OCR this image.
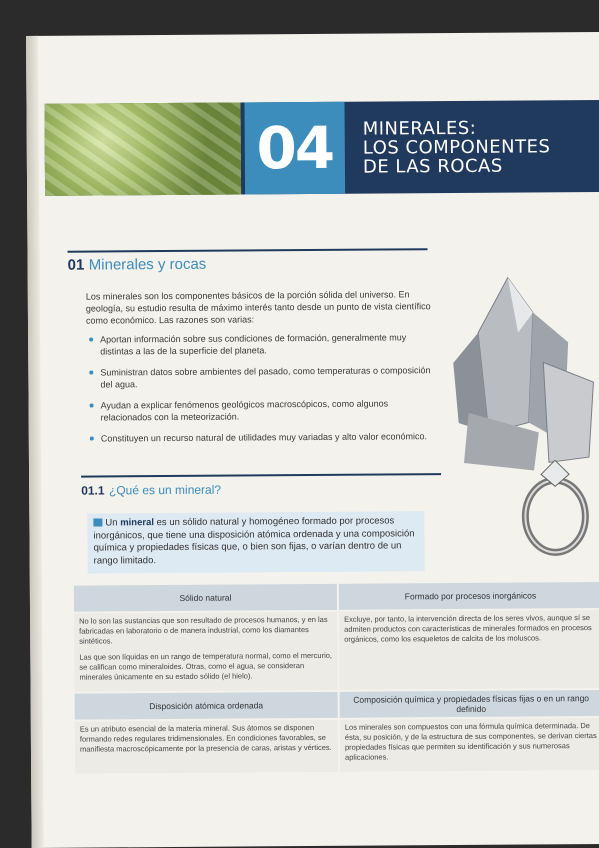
04	MINERALES:
LOS COMPONENTES
DE LAS ROCAS
01 Minerales y rocas
Los minerales son los componentes básicos de la porción sólida del universo. En geología, su estudio resulta de máximo interés tanto desde un punto de vista científico como económico. Las razones son varias:
Aportan información sobre sus condiciones de formación, generalmente muy distintas a las de la superficie del planeta.
Suministran datos sobre ambientes del pasado, como temperaturas o composición del agua.
Ayudan a explicar fenómenos geológicos macroscópicos, como algunos relacionados con la meteorización.
Constituyen un recurso natural de utilidades muy variadas y alto valor económico.
01.1 ¿Qué es un mineral?
Un mineral es un sólido natural y homogéneo formado por procesos inorgánicos, que tiene una disposición atómica ordenada y una composición química y propiedades físicas que, o bien son fijas, o varían dentro de un rango limitado.
Sólido natural	Formado por procesos inorgánicos

No lo son las sustancias que son resultado de procesos humanos, y en las fabricadas en laboratorio o de manera industrial, como los diamantes sintéticos.

Las que son líquidas en un rango de temperatura normal, como el mercurio, se califican como mineraloides. Otras, como el agua, se consideran minerales únicamente en su estado sólido (el hielo).

Excluye, por tanto, la intervención directa de los seres vivos, aunque sí se admiten productos con características de minerales formados en procesos orgánicos, como los esqueletos de calcita de los moluscos.

Disposición atómica ordenada
Composición química y propiedades físicas fijas o en un rango definido

Es un atributo esencial de la materia mineral. Sus átomos se disponen formando redes regulares tridimensionales. En condiciones favorables, se manifiesta macroscópicamente por la presencia de caras, aristas y vértices.

Los minerales son compuestos con una fórmula química determinada. De ésta, su posición, y de la estructura de sus componentes, se derivan ciertas propiedades físicas que permiten su identificación y sus numerosas aplicaciones.
